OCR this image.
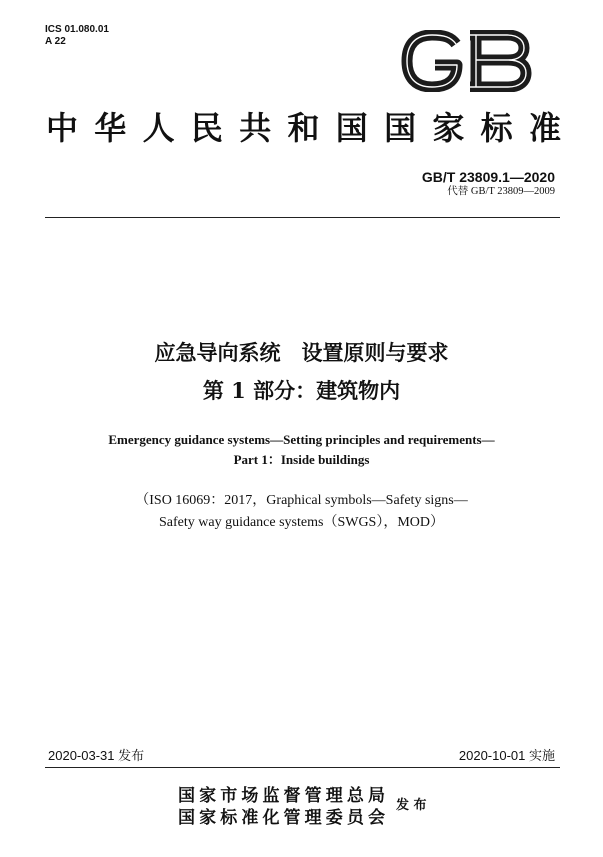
ICS 01.080.01
A 22
中华人民共和国国家标准
GB/T 23809.1—2020
代替 GB/T 23809—2009
应急导向系统　设置原则与要求
第 1 部分：建筑物内
Emergency guidance systems—Setting principles and requirements—
Part 1：Inside buildings
（ISO 16069：2017，Graphical symbols—Safety signs—
Safety way guidance systems（SWGS），MOD）
2020-03-31 发布	2020-10-01 实施
国家市场监督管理总局
国家标准化管理委员会
发 布
